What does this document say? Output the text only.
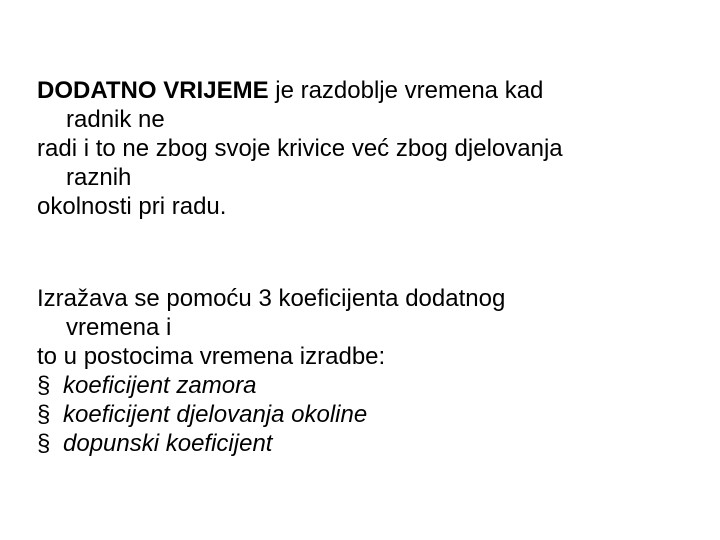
DODATNO VRIJEME je razdoblje vremena kad
radnik ne
radi i to ne zbog svoje krivice već zbog djelovanja
raznih
okolnosti pri radu.
Izražava se pomoću 3 koeficijenta dodatnog
vremena i
to u postocima vremena izradbe:
§ koeficijent zamora
§ koeficijent djelovanja okoline
§ dopunski koeficijent
